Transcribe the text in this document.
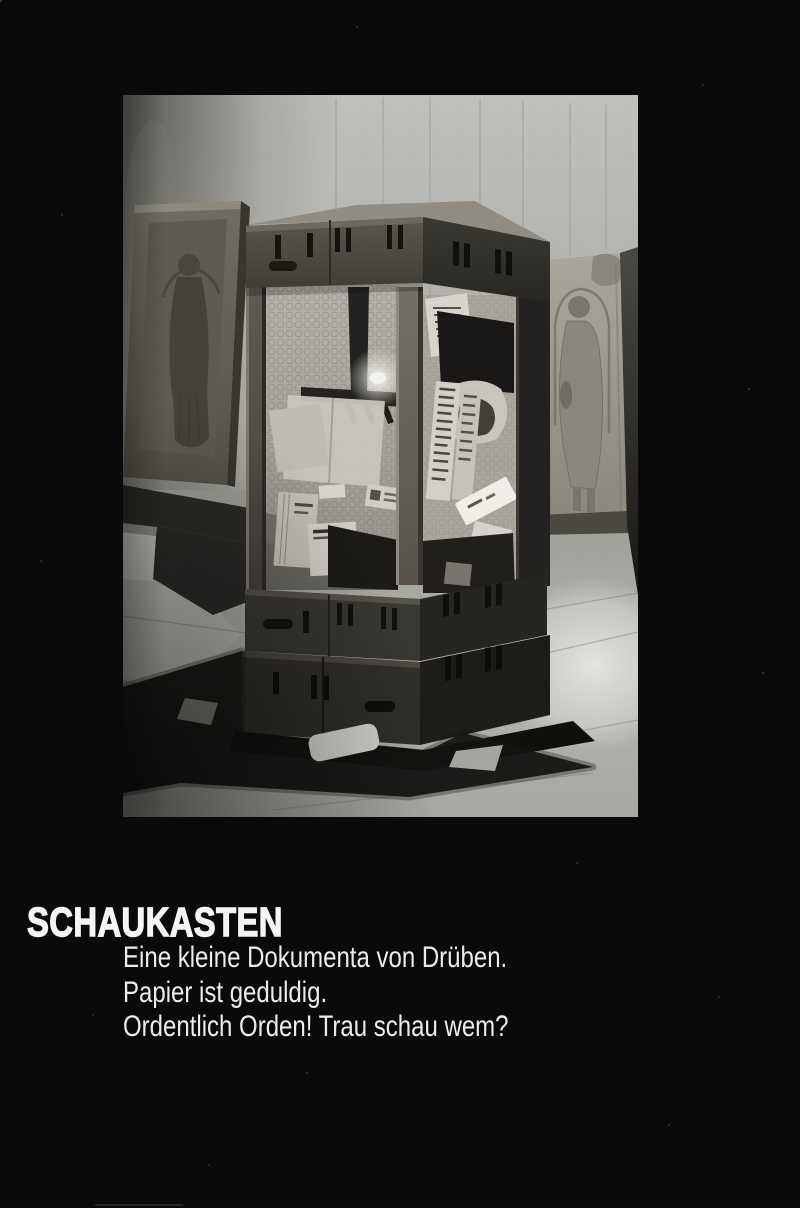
SCHAUKASTEN

Eine kleine Dokumenta von Drüben.

Papier ist geduldig.

Ordentlich Orden! Trau schau wem?
